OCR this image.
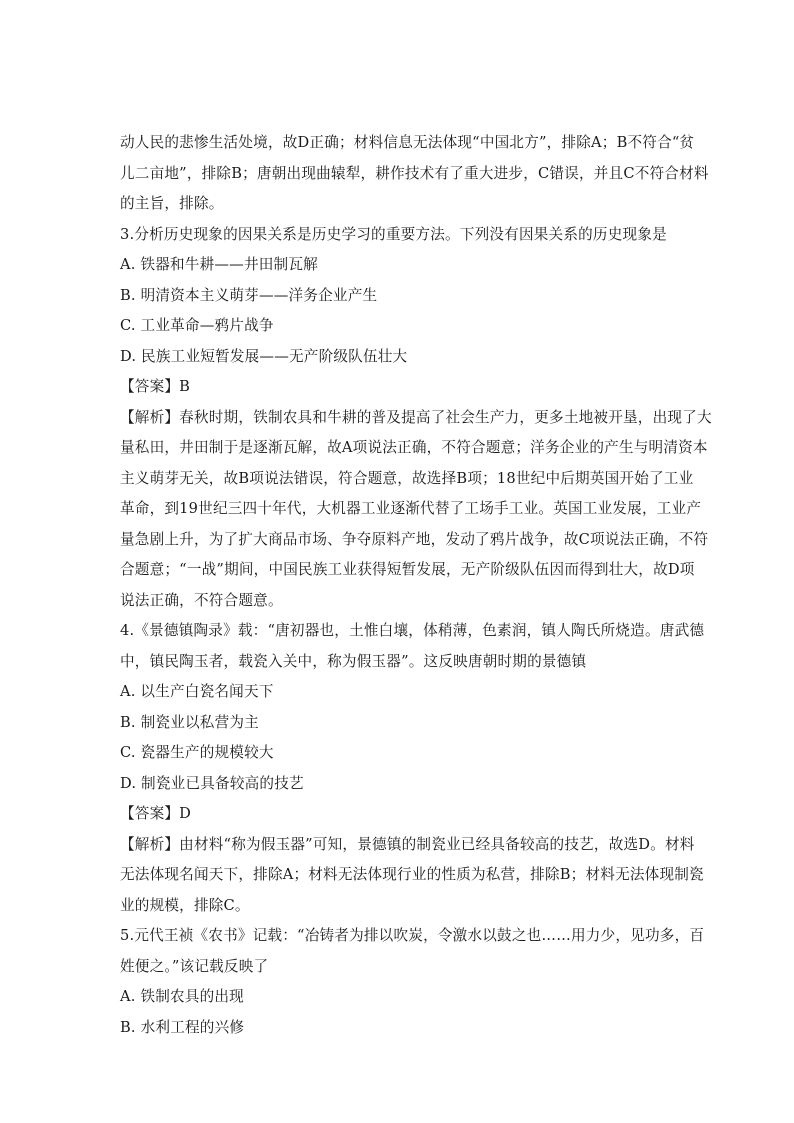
动人民的悲惨生活处境，故D正确；材料信息无法体现“中国北方”，排除A；B不符合“贫
儿二亩地”，排除B；唐朝出现曲辕犁，耕作技术有了重大进步，C错误，并且C不符合材料
的主旨，排除。
3.分析历史现象的因果关系是历史学习的重要方法。下列没有因果关系的历史现象是
A. 铁器和牛耕——井田制瓦解
B. 明清资本主义萌芽——洋务企业产生
C. 工业革命—鸦片战争
D. 民族工业短暂发展——无产阶级队伍壮大
【答案】B
【解析】春秋时期，铁制农具和牛耕的普及提高了社会生产力，更多土地被开垦，出现了大
量私田，井田制于是逐渐瓦解，故A项说法正确，不符合题意；洋务企业的产生与明清资本
主义萌芽无关，故B项说法错误，符合题意，故选择B项；18世纪中后期英国开始了工业
革命，到19世纪三四十年代，大机器工业逐渐代替了工场手工业。英国工业发展，工业产
量急剧上升，为了扩大商品市场、争夺原料产地，发动了鸦片战争，故C项说法正确，不符
合题意；“一战”期间，中国民族工业获得短暂发展，无产阶级队伍因而得到壮大，故D项
说法正确，不符合题意。
4.《景德镇陶录》载：“唐初器也，土惟白壤，体稍薄，色素润，镇人陶氏所烧造。唐武德
中，镇民陶玉者，载瓷入关中，称为假玉器”。这反映唐朝时期的景德镇
A. 以生产白瓷名闻天下
B. 制瓷业以私营为主
C. 瓷器生产的规模较大
D. 制瓷业已具备较高的技艺
【答案】D
【解析】由材料“称为假玉器”可知，景德镇的制瓷业已经具备较高的技艺，故选D。材料
无法体现名闻天下，排除A；材料无法体现行业的性质为私营，排除B；材料无法体现制瓷
业的规模，排除C。
5.元代王祯《农书》记载：“冶铸者为排以吹炭，令激水以鼓之也……用力少，见功多，百
姓便之。”该记载反映了
A. 铁制农具的出现
B. 水利工程的兴修
